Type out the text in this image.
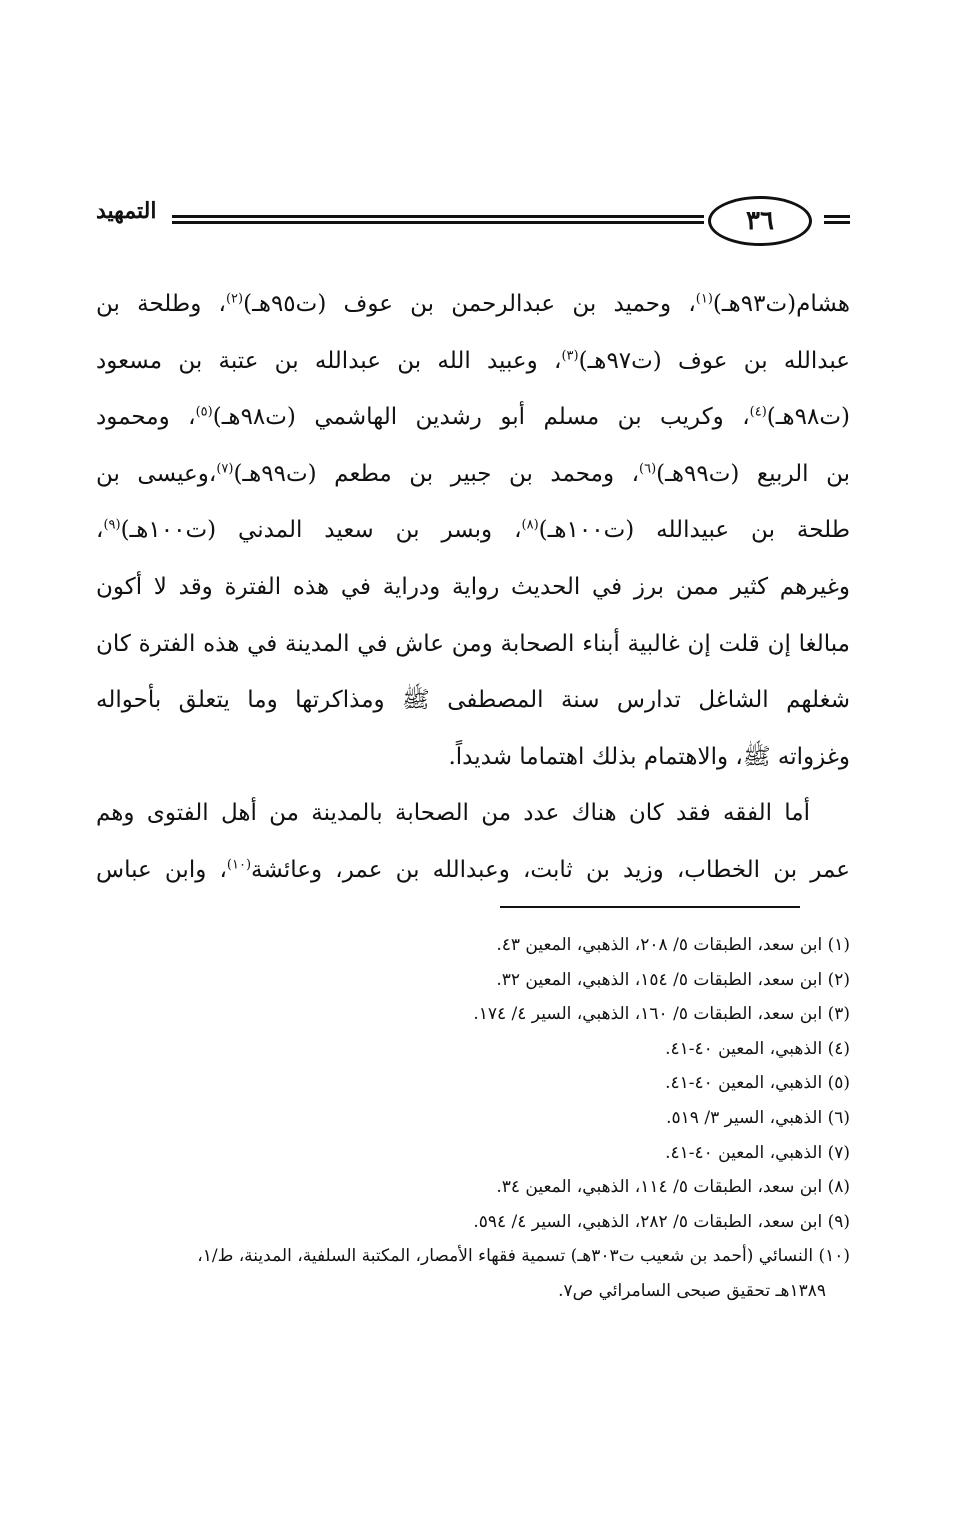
٣٦
التمهيد
هشام(ت٩٣هـ)$^{(١)}$، وحميد بن عبدالرحمن بن عوف (ت٩٥هـ)$^{(٢)}$، وطلحة بن
عبدالله بن عوف (ت٩٧هـ)$^{(٣)}$، وعبيد الله بن عبدالله بن عتبة بن مسعود
(ت٩٨هـ)$^{(٤)}$، وكريب بن مسلم أبو رشدين الهاشمي (ت٩٨هـ)$^{(٥)}$، ومحمود
بن الربيع (ت٩٩هـ)$^{(٦)}$، ومحمد بن جبير بن مطعم (ت٩٩هـ)$^{(٧)}$،وعيسى بن
طلحة بن عبيدالله (ت١٠٠هـ)$^{(٨)}$، وبسر بن سعيد المدني (ت١٠٠هـ)$^{(٩)}$،
وغيرهم كثير ممن برز في الحديث رواية ودراية في هذه الفترة وقد لا أكون
مبالغا إن قلت إن غالبية أبناء الصحابة ومن عاش في المدينة في هذه الفترة كان
شغلهم الشاغل تدارس سنة المصطفى ﷺ ومذاكرتها وما يتعلق بأحواله
وغزواته ﷺ، والاهتمام بذلك اهتماما شديداً.
أما الفقه فقد كان هناك عدد من الصحابة بالمدينة من أهل الفتوى وهم
عمر بن الخطاب، وزيد بن ثابت، وعبدالله بن عمر، وعائشة$^{(١٠)}$، وابن عباس
(١) ابن سعد، الطبقات ٥/ ٢٠٨، الذهبي، المعين ٤٣.
(٢) ابن سعد، الطبقات ٥/ ١٥٤، الذهبي، المعين ٣٢.
(٣) ابن سعد، الطبقات ٥/ ١٦٠، الذهبي، السير ٤/ ١٧٤.
(٤) الذهبي، المعين ٤٠-٤١.
(٥) الذهبي، المعين ٤٠-٤١.
(٦) الذهبي، السير ٣/ ٥١٩.
(٧) الذهبي، المعين ٤٠-٤١.
(٨) ابن سعد، الطبقات ٥/ ١١٤، الذهبي، المعين ٣٤.
(٩) ابن سعد، الطبقات ٥/ ٢٨٢، الذهبي، السير ٤/ ٥٩٤.
(١٠) النسائي (أحمد بن شعيب ت٣٠٣هـ) تسمية فقهاء الأمصار، المكتبة السلفية، المدينة، ط/١،
١٣٨٩هـ تحقيق صبحى السامرائي ص٧.
